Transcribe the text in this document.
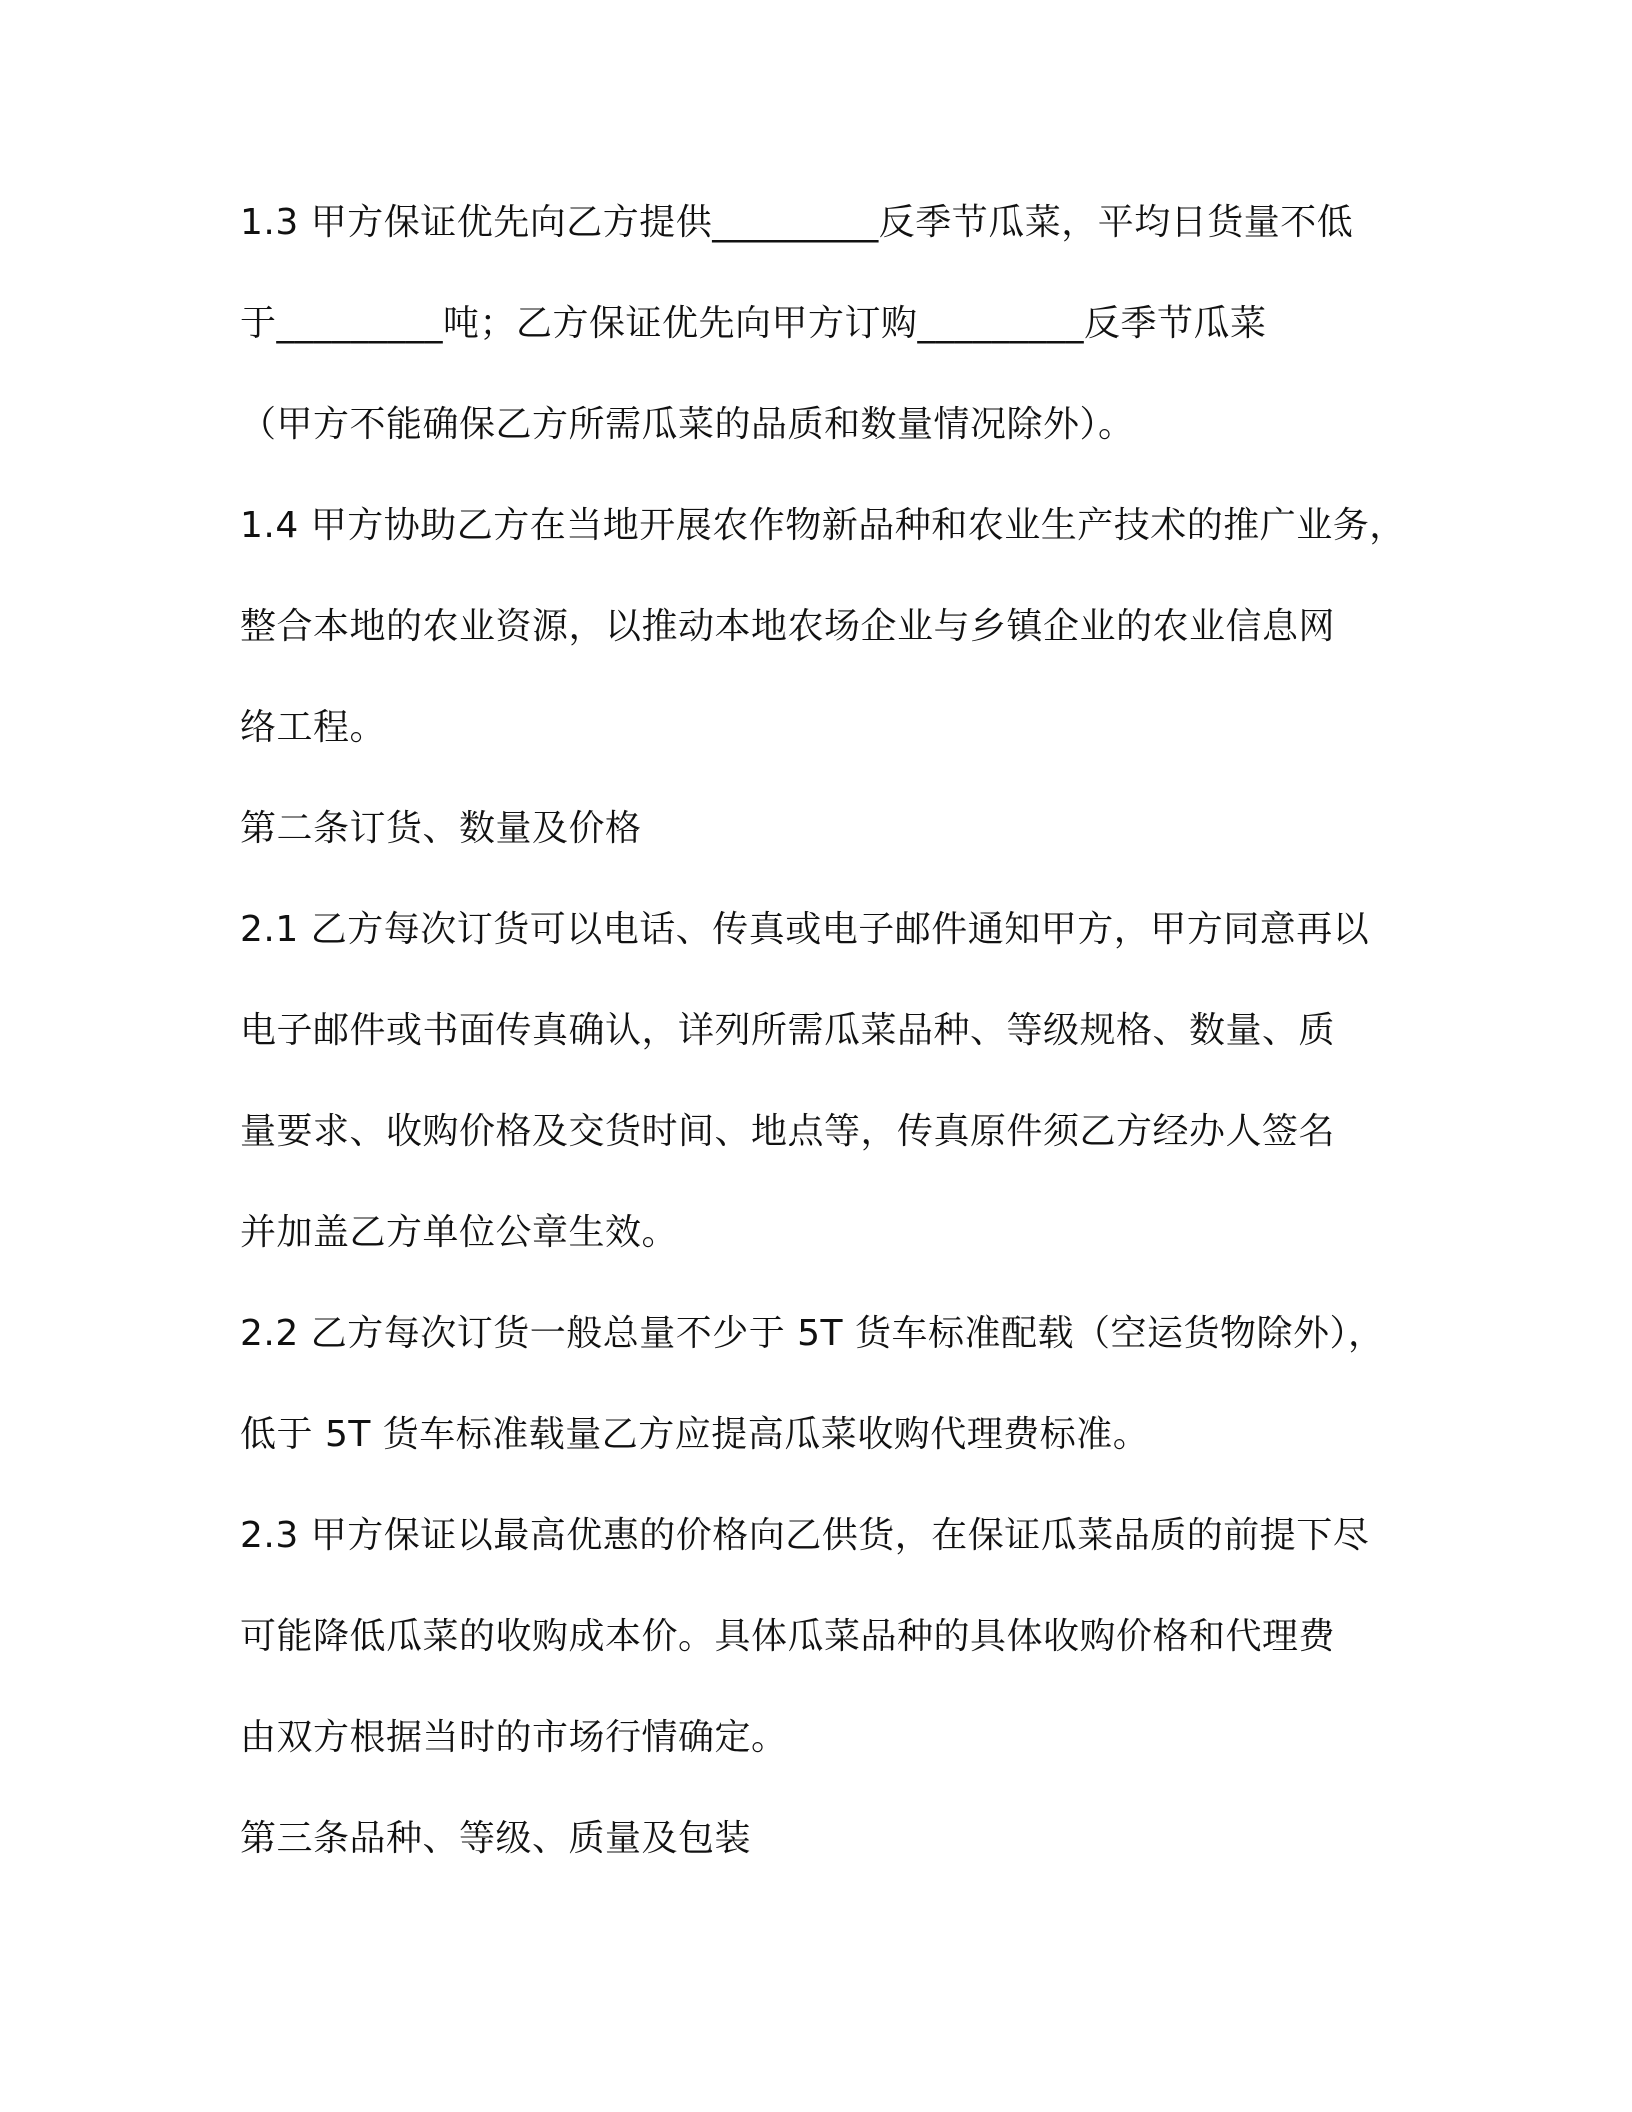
1.3 甲方保证优先向乙方提供_________反季节瓜菜，平均日货量不低
于_________吨；乙方保证优先向甲方订购_________反季节瓜菜
（甲方不能确保乙方所需瓜菜的品质和数量情况除外）。
1.4 甲方协助乙方在当地开展农作物新品种和农业生产技术的推广业务，
整合本地的农业资源，以推动本地农场企业与乡镇企业的农业信息网
络工程。
第二条订货、数量及价格
2.1 乙方每次订货可以电话、传真或电子邮件通知甲方，甲方同意再以
电子邮件或书面传真确认，详列所需瓜菜品种、等级规格、数量、质
量要求、收购价格及交货时间、地点等，传真原件须乙方经办人签名
并加盖乙方单位公章生效。
2.2 乙方每次订货一般总量不少于 5T 货车标准配载（空运货物除外），
低于 5T 货车标准载量乙方应提高瓜菜收购代理费标准。
2.3 甲方保证以最高优惠的价格向乙供货，在保证瓜菜品质的前提下尽
可能降低瓜菜的收购成本价。具体瓜菜品种的具体收购价格和代理费
由双方根据当时的市场行情确定。
第三条品种、等级、质量及包装
